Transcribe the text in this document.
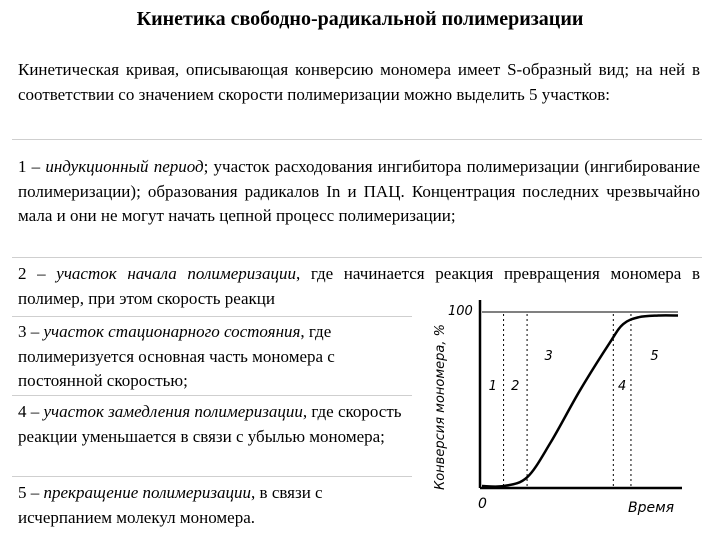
Кинетика свободно-радикальной полимеризации

Кинетическая кривая, описывающая конверсию мономера имеет S-образный вид; на ней в соответствии со значением скорости полимеризации можно выделить 5 участков:

1 – индукционный период; участок расходования ингибитора полимеризации (ингибирование полимеризации); образования радикалов In и ПАЦ. Концентрация последних чрезвычайно мала и они не могут начать цепной процесс полимеризации;

2 – участок начала полимеризации, где начинается реакция превращения мономера в полимер, при этом скорость реакци

3 – участок стационарного состояния, где полимеризуется основная часть мономера с постоянной скоростью;

4 – участок замедления полимеризации, где скорость реакции уменьшается в связи с убылью мономера;

5 – прекращение полимеризации, в связи с исчерпанием молекул мономера.

1 2
3
4
5
100
0	Время
Конверсия мономера, %
